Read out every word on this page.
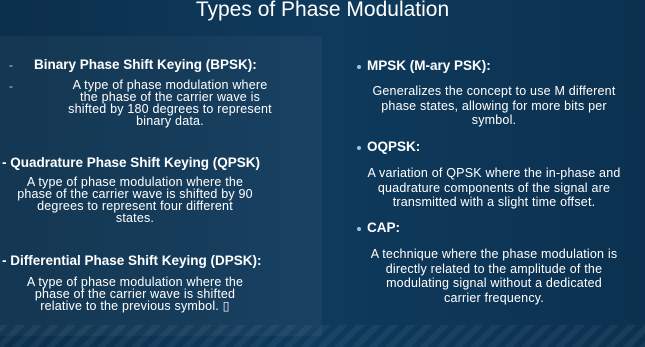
Types of Phase Modulation
- Binary Phase Shift Keying (BPSK):
-	A type of phase modulation where
the phase of the carrier wave is
shifted by 180 degrees to represent
binary data.
- Quadrature Phase Shift Keying (QPSK)
A type of phase modulation where the
phase of the carrier wave is shifted by 90
degrees to represent four different
states.
- Differential Phase Shift Keying (DPSK):
A type of phase modulation where the
phase of the carrier wave is shifted
relative to the previous symbol. ▯
MPSK (M-ary PSK):
Generalizes the concept to use M different
phase states, allowing for more bits per
symbol.
OQPSK:
A variation of QPSK where the in-phase and
quadrature components of the signal are
transmitted with a slight time offset.
CAP:
A technique where the phase modulation is
directly related to the amplitude of the
modulating signal without a dedicated
carrier frequency.
